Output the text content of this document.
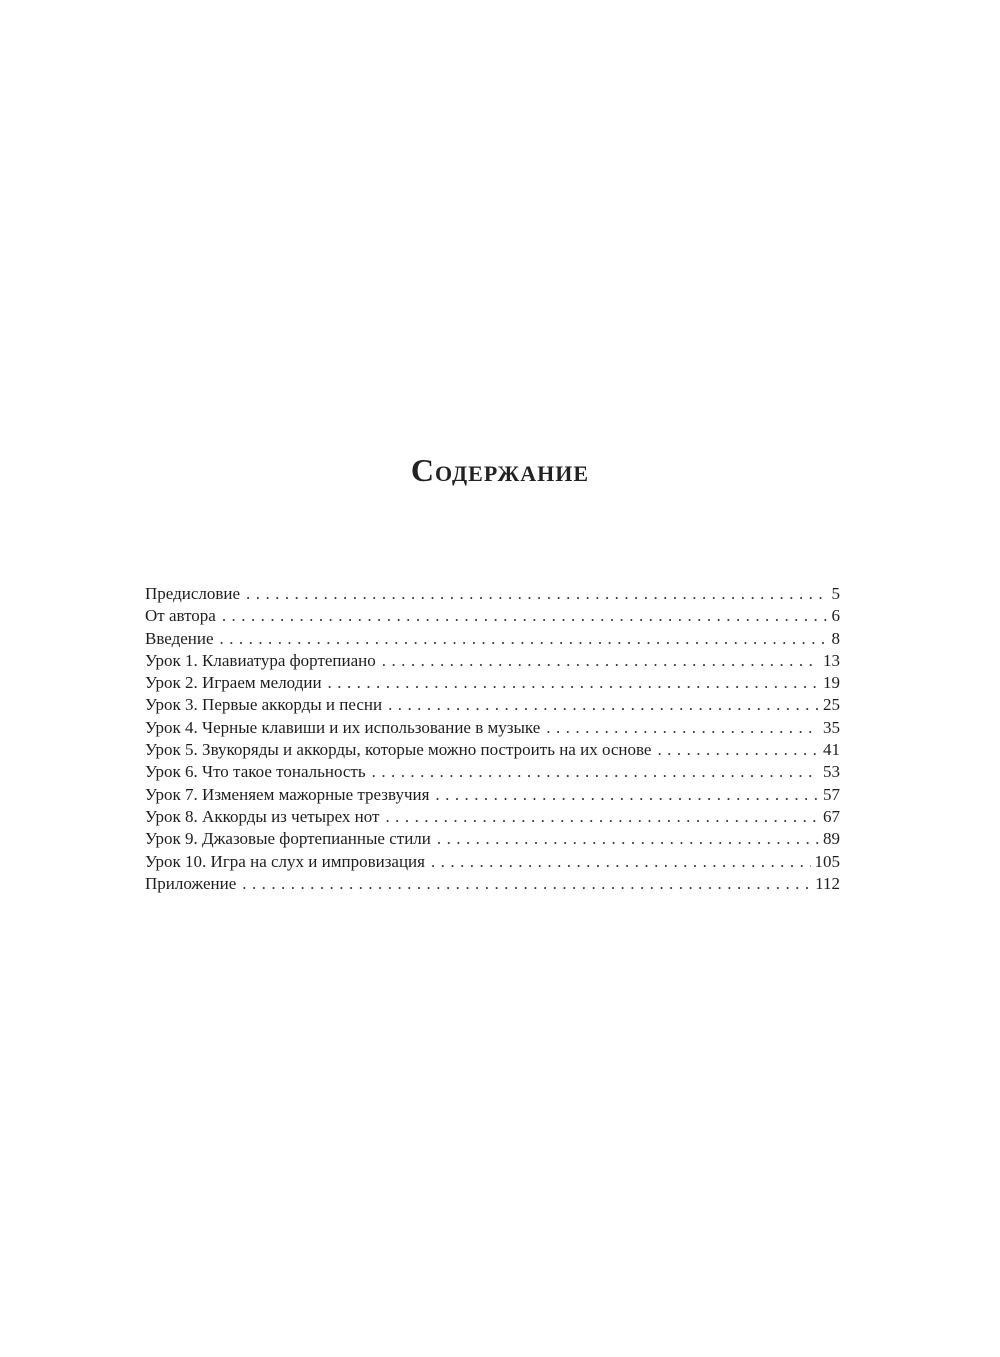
Содержание
Предисловие . . .	5
От автора . . .	6
Введение . . .	8
Урок 1. Клавиатура фортепиано . . .	13
Урок 2. Играем мелодии . . .	19
Урок 3. Первые аккорды и песни . . .	25
Урок 4. Черные клавиши и их использование в музыке . . .	35
Урок 5. Звукоряды и аккорды, которые можно построить на их основе . . .	41
Урок 6. Что такое тональность . . .	53
Урок 7. Изменяем мажорные трезвучия . . .	57
Урок 8. Аккорды из четырех нот . . .	67
Урок 9. Джазовые фортепианные стили . . .	89
Урок 10. Игра на слух и импровизация . . .	105
Приложение . . .	112
